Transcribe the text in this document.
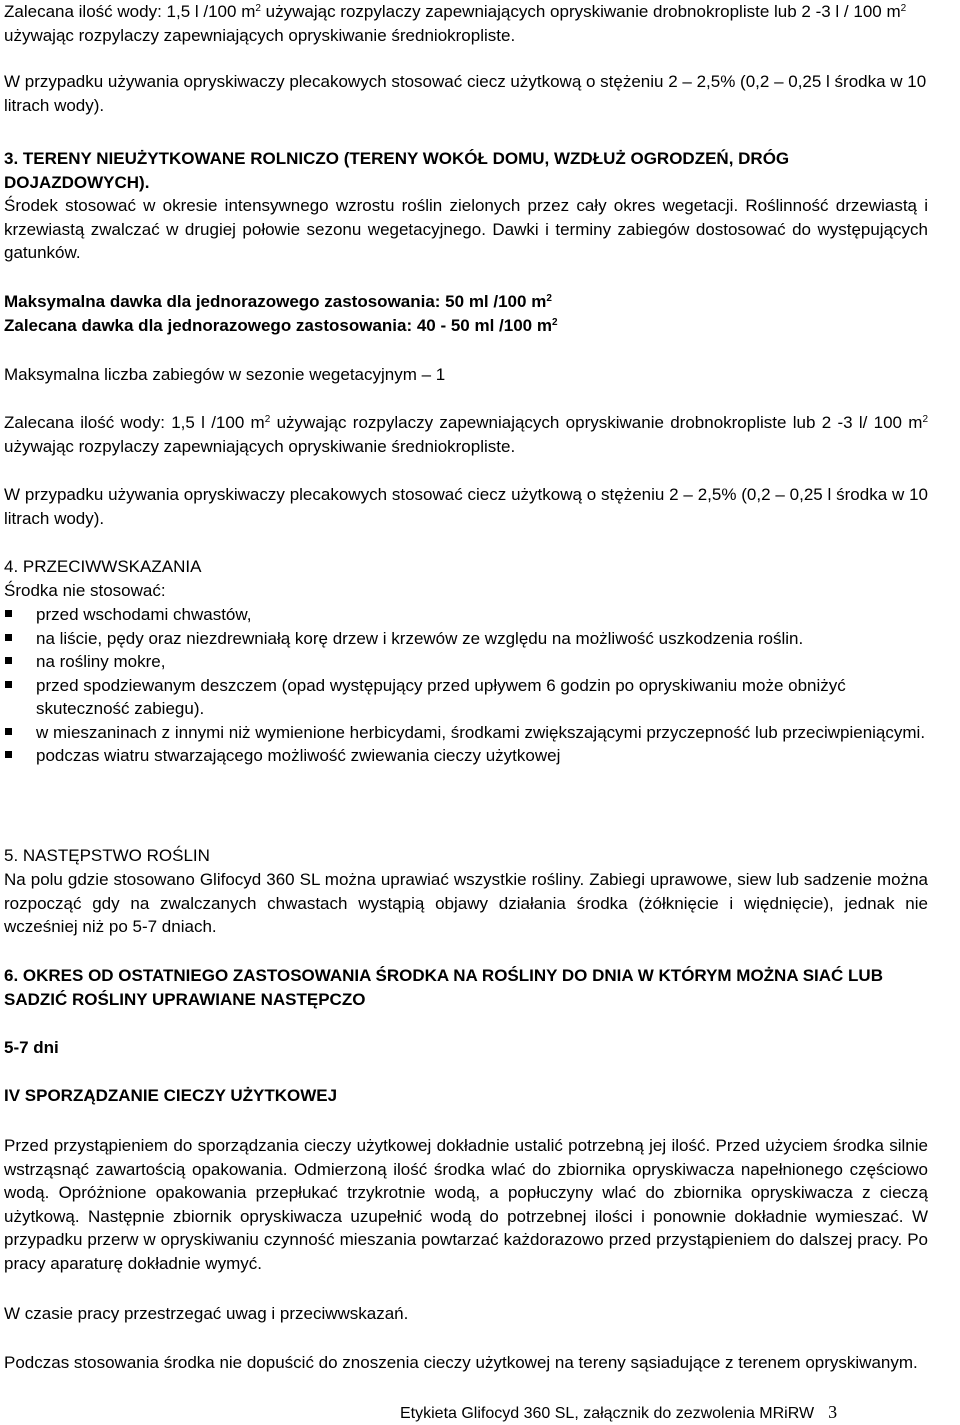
Zalecana ilość wody: 1,5 l /100 $m^2$ używając rozpylaczy zapewniających opryskiwanie drobnokropliste lub 2 -3 l / 100 $m^2$ używając rozpylaczy zapewniających opryskiwanie średniokropliste.

W przypadku używania opryskiwaczy plecakowych stosować ciecz użytkową o stężeniu 2 – 2,5% (0,2 – 0,25 l środka w 10 litrach wody).

3. TERENY NIEUŻYTKOWANE ROLNICZO (TERENY WOKÓŁ DOMU, WZDŁUŻ OGRODZEŃ, DRÓG DOJAZDOWYCH).

Środek stosować w okresie intensywnego wzrostu roślin zielonych przez cały okres wegetacji. Roślinność drzewiastą i krzewiastą zwalczać w drugiej połowie sezonu wegetacyjnego. Dawki i terminy zabiegów dostosować do występujących gatunków.

Maksymalna dawka dla jednorazowego zastosowania: 50 ml /100 $m^2$

Zalecana dawka dla jednorazowego zastosowania: 40 - 50 ml /100 $m^2$

Maksymalna liczba zabiegów w sezonie wegetacyjnym – 1

Zalecana ilość wody: 1,5 l /100 $m^2$ używając rozpylaczy zapewniających opryskiwanie drobnokropliste lub 2 -3 l/ 100 $m^2$ używając rozpylaczy zapewniających opryskiwanie średniokropliste.

W przypadku używania opryskiwaczy plecakowych stosować ciecz użytkową o stężeniu 2 – 2,5% (0,2 – 0,25 l środka w 10 litrach wody).

4. PRZECIWWSKAZANIA

Środka nie stosować:

przed wschodami chwastów,
na liście, pędy oraz niezdrewniałą korę drzew i krzewów ze względu na możliwość uszkodzenia roślin.
na rośliny mokre,
przed spodziewanym deszczem (opad występujący przed upływem 6 godzin po opryskiwaniu może obniżyć skuteczność zabiegu).
w mieszaninach z innymi niż wymienione herbicydami, środkami zwiększającymi przyczepność lub przeciwpieniącymi.
podczas wiatru stwarzającego możliwość zwiewania cieczy użytkowej

5. NASTĘPSTWO ROŚLIN

Na polu gdzie stosowano Glifocyd 360 SL można uprawiać wszystkie rośliny. Zabiegi uprawowe, siew lub sadzenie można rozpocząć gdy na zwalczanych chwastach wystąpią objawy działania środka (żółknięcie i więdnięcie), jednak nie wcześniej niż po 5-7 dniach.

6. OKRES OD OSTATNIEGO ZASTOSOWANIA ŚRODKA NA ROŚLINY DO DNIA W KTÓRYM MOŻNA SIAĆ LUB SADZIĆ ROŚLINY UPRAWIANE NASTĘPCZO

5-7 dni

IV SPORZĄDZANIE CIECZY UŻYTKOWEJ

Przed przystąpieniem do sporządzania cieczy użytkowej dokładnie ustalić potrzebną jej ilość. Przed użyciem środka silnie wstrząsnąć zawartością opakowania. Odmierzoną ilość środka wlać do zbiornika opryskiwacza napełnionego częściowo wodą. Opróżnione opakowania przepłukać trzykrotnie wodą, a popłuczyny wlać do zbiornika opryskiwacza z cieczą użytkową. Następnie zbiornik opryskiwacza uzupełnić wodą do potrzebnej ilości i ponownie dokładnie wymieszać. W przypadku przerw w opryskiwaniu czynność mieszania powtarzać każdorazowo przed przystąpieniem do dalszej pracy. Po pracy aparaturę dokładnie wymyć.

W czasie pracy przestrzegać uwag i przeciwwskazań.

Podczas stosowania środka nie dopuścić do znoszenia cieczy użytkowej na tereny sąsiadujące z terenem opryskiwanym.

Etykieta Glifocyd 360 SL, załącznik do zezwolenia MRiRW 3
